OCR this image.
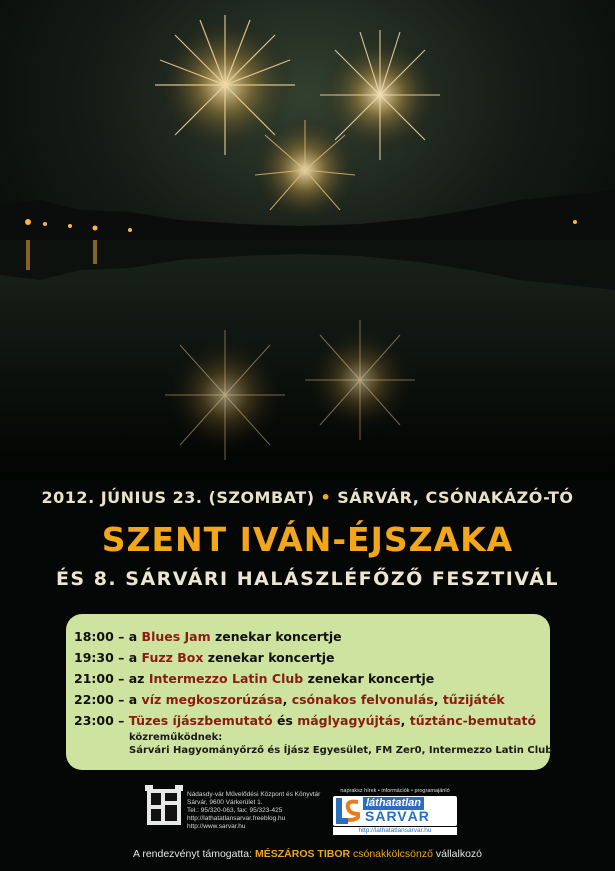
2012. JÚNIUS 23. (SZOMBAT) • SÁRVÁR, CSÓNAKÁZÓ-TÓ
SZENT IVÁN-ÉJSZAKA
ÉS 8. SÁRVÁRI HALÁSZLÉFŐZŐ FESZTIVÁL
18:00 – a Blues Jam zenekar koncertje
19:30 – a Fuzz Box zenekar koncertje
21:00 – az Intermezzo Latin Club zenekar koncertje
22:00 – a víz megkoszorúzása, csónakos felvonulás, tűzijáték
23:00 – Tüzes íjászbemutató és máglyagyújtás, tűztánc-bemutató
közreműködnek:
Sárvári Hagyományőrző és Íjász Egyesület, FM Zer0, Intermezzo Latin Club
Nádasdy-vár Művelődési Központ és Könyvtár
Sárvár, 9600 Várkerület 1.
Tel.: 95/320-063, fax: 95/323-425
http://lathatatlansarvar.freeblog.hu
http://www.sarvar.hu
napraksz hírek • információk • programajánló
láthatatlan
SÁRVÁR
http://lathatatlansarvar.hu
A rendezvényt támogatta: MÉSZÁROS TIBOR csónakkölcsönző vállalkozó
